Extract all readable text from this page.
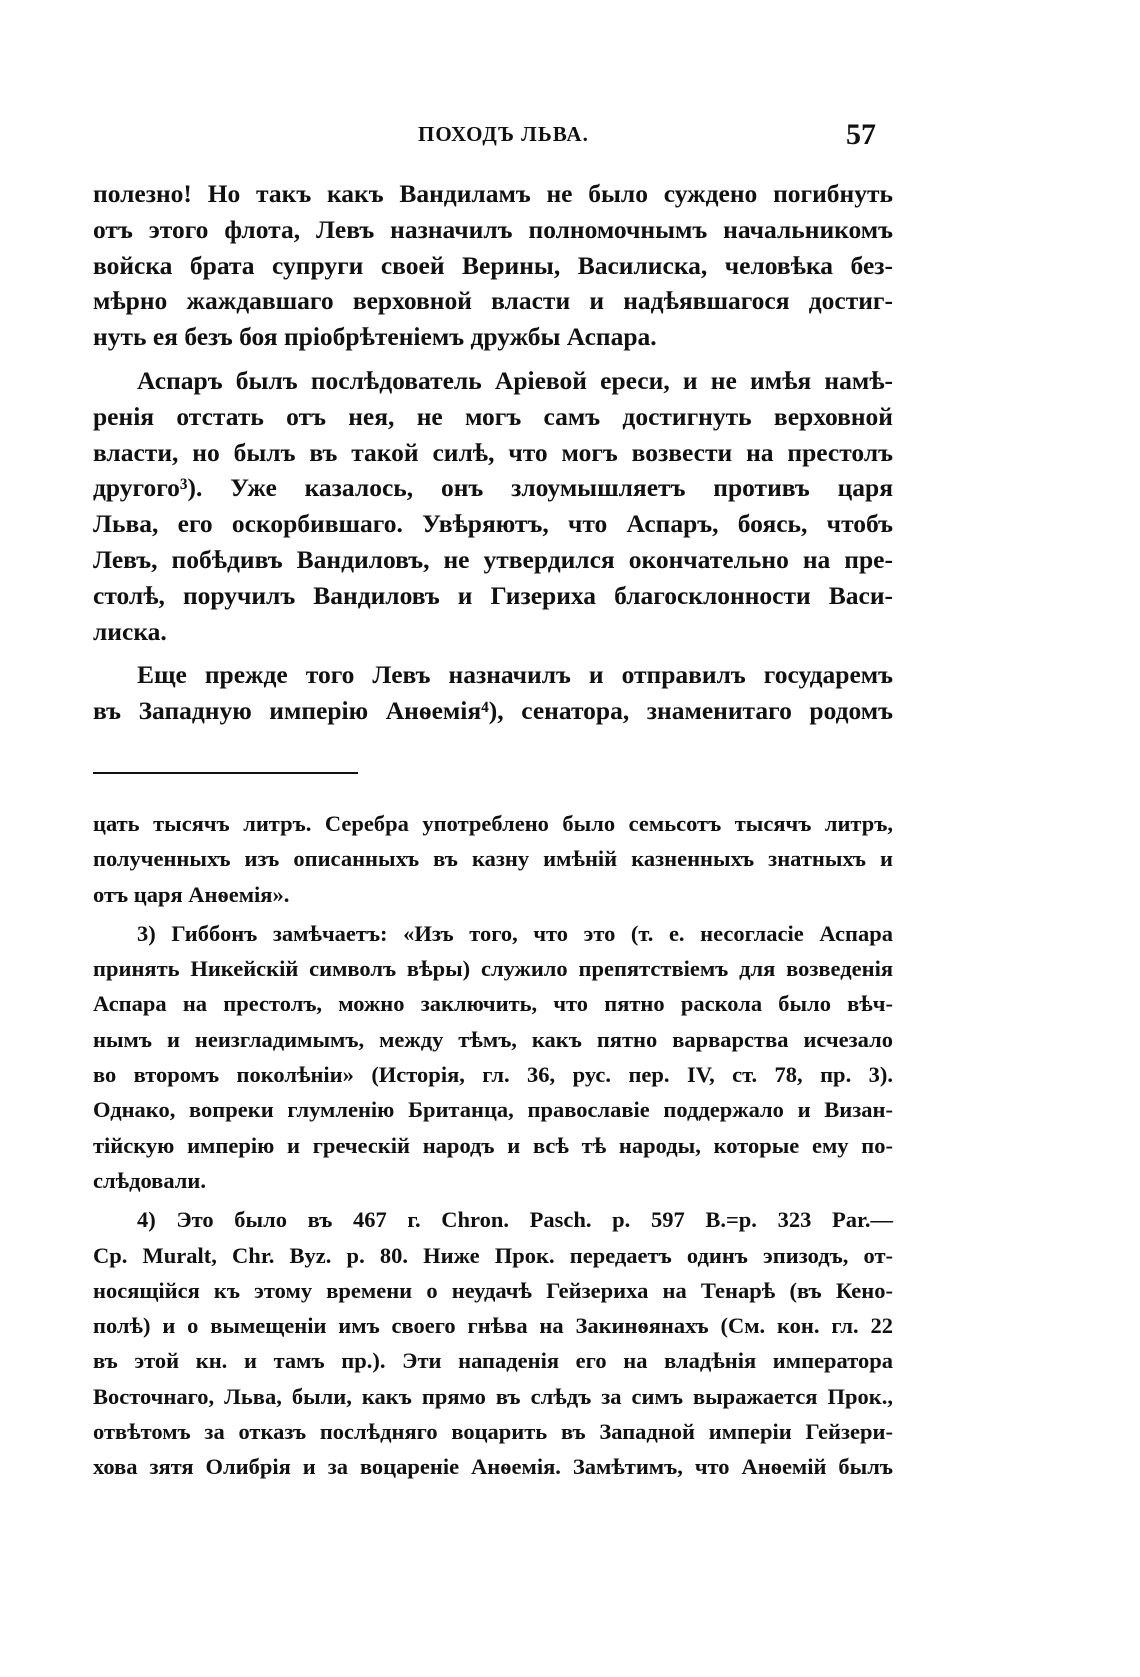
ПОХОДЪ ЛЬВА.	57
полезно! Но такъ какъ Вандиламъ не было суждено погибнуть
отъ этого флота, Левъ назначилъ полномочнымъ начальникомъ
войска брата супруги своей Верины, Василиска, человѣка без-
мѣрно жаждавшаго верховной власти и надѣявшагося достиг-
нуть ея безъ боя пріобрѣтеніемъ дружбы Аспара.
Аспаръ былъ послѣдователь Аріевой ереси, и не имѣя намѣ-
ренія отстать отъ нея, не могъ самъ достигнуть верховной
власти, но былъ въ такой силѣ, что могъ возвести на престолъ
другого³). Уже казалось, онъ злоумышляетъ противъ царя
Льва, его оскорбившаго. Увѣряютъ, что Аспаръ, боясь, чтобъ
Левъ, побѣдивъ Вандиловъ, не утвердился окончательно на пре-
столѣ, поручилъ Вандиловъ и Гизериха благосклонности Васи-
лиска.
Еще прежде того Левъ назначилъ и отправилъ государемъ
въ Западную имперію Анѳемія⁴), сенатора, знаменитаго родомъ
цать тысячъ литръ. Серебра употреблено было семьсотъ тысячъ литръ,
полученныхъ изъ описанныхъ въ казну имѣній казненныхъ знатныхъ и
отъ царя Анѳемія».
3) Гиббонъ замѣчаетъ: «Изъ того, что это (т. е. несогласіе Аспара
принять Никейскій символъ вѣры) служило препятствіемъ для возведенія
Аспара на престолъ, можно заключить, что пятно раскола было вѣч-
нымъ и неизгладимымъ, между тѣмъ, какъ пятно варварства исчезало
во второмъ поколѣніи» (Исторія, гл. 36, рус. пер. IV, ст. 78, пр. 3).
Однако, вопреки глумленію Британца, православіе поддержало и Визан-
тійскую имперію и греческій народъ и всѣ тѣ народы, которые ему по-
слѣдовали.
4) Это было въ 467 г. Chron. Pasch. p. 597 B.=p. 323 Par.—
Ср. Muralt, Chr. Byz. p. 80. Ниже Прок. передаетъ одинъ эпизодъ, от-
носящійся къ этому времени о неудачѣ Гейзериха на Тенарѣ (въ Кено-
полѣ) и о вымещеніи имъ своего гнѣва на Закинѳянахъ (См. кон. гл. 22
въ этой кн. и тамъ пр.). Эти нападенія его на владѣнія императора
Восточнаго, Льва, были, какъ прямо въ слѣдъ за симъ выражается Прок.,
отвѣтомъ за отказъ послѣдняго воцарить въ Западной имперіи Гейзери-
хова зятя Олибрія и за воцареніе Анѳемія. Замѣтимъ, что Анѳемій былъ
